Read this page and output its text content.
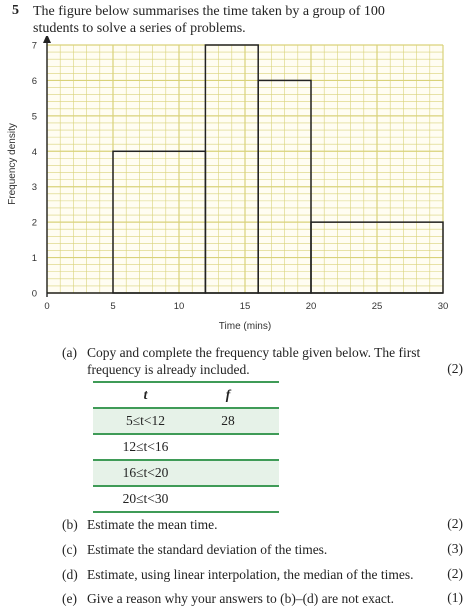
5 The figure below summarises the time taken by a group of 100
students to solve a series of problems.
0	5	10	15	20	25	30
0
1
2
3
4
5
6
7
Time (mins)
Frequency density
(a) Copy and complete the frequency table given below. The first
frequency is already included.	(2)
t	f
5≤t<12	28
12≤t<16
16≤t<20
20≤t<30
(b) Estimate the mean time.	(2)
(c) Estimate the standard deviation of the times.	(3)
(d) Estimate, using linear interpolation, the median of the times. (2)
(e) Give a reason why your answers to (b)–(d) are not exact.	(1)
